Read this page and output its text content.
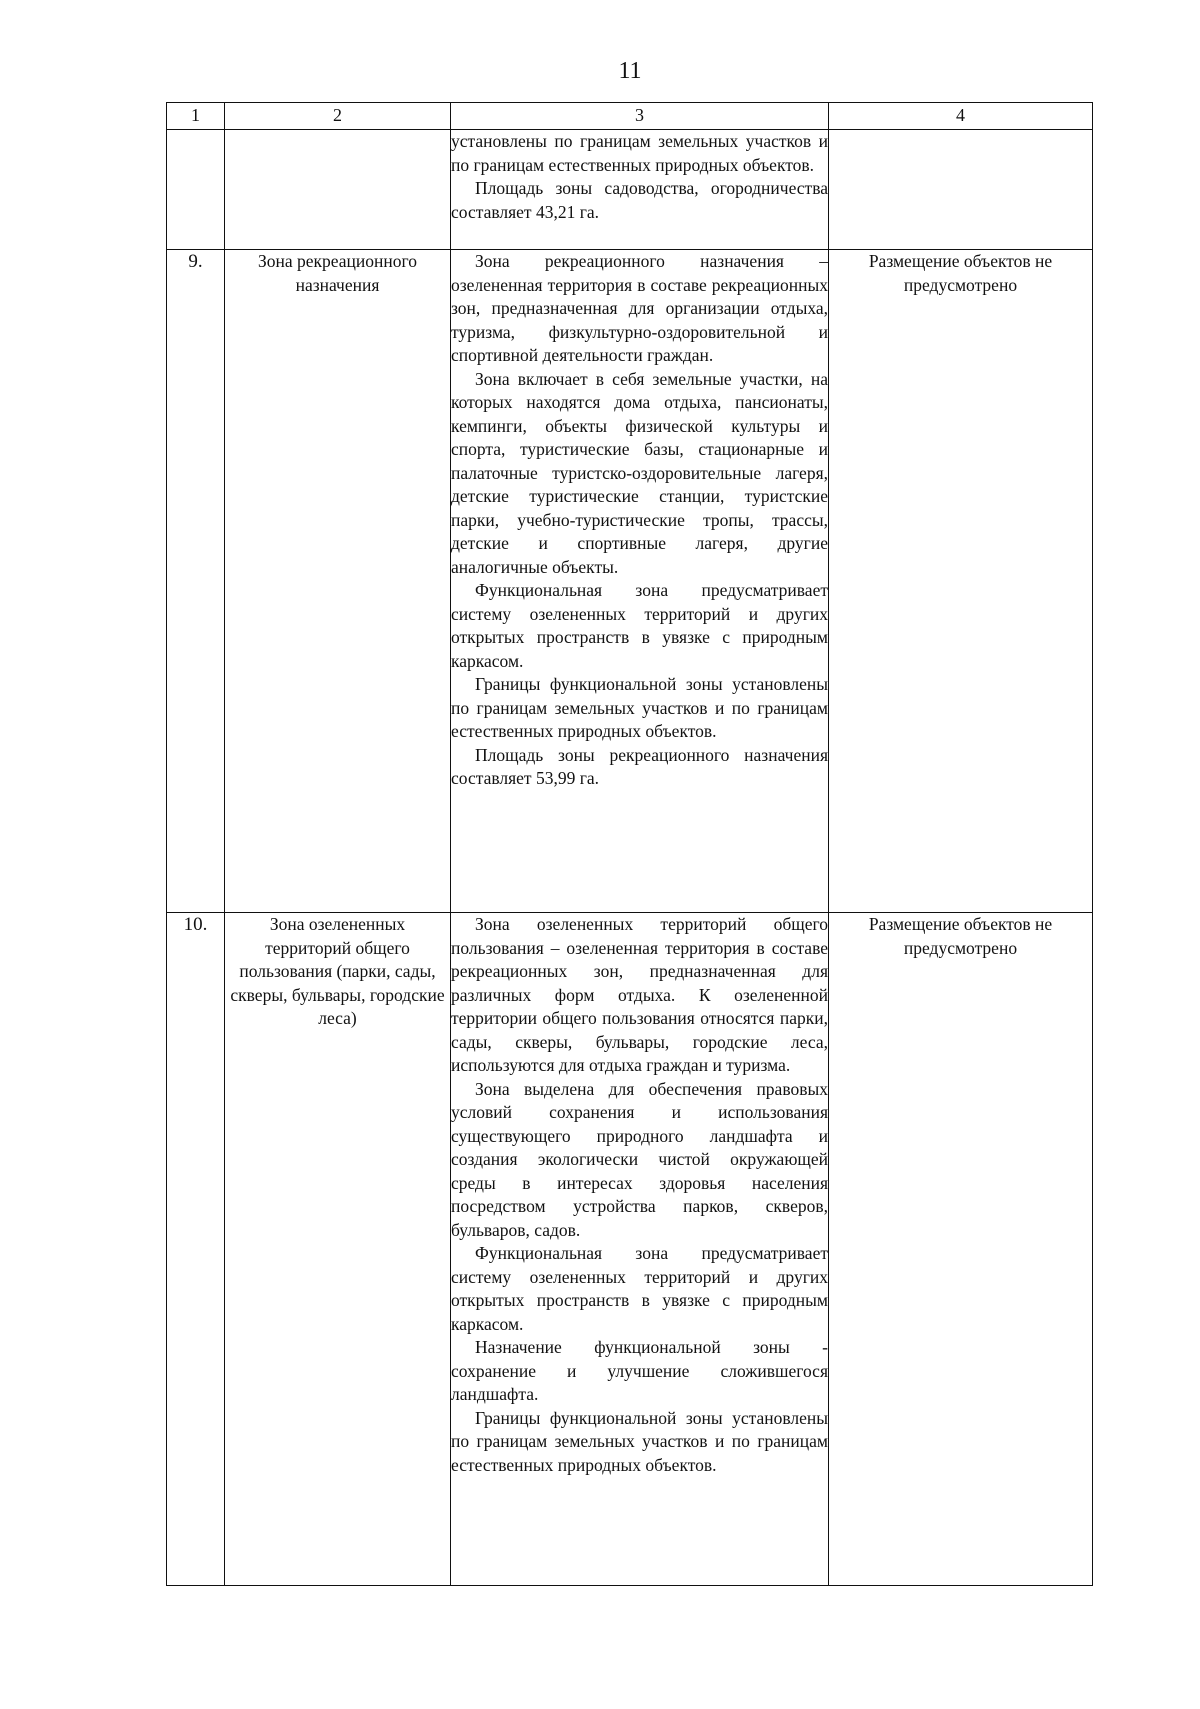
11
1	2	3	4

		установлены по границам земельных участков и по границам естественных природных объектов.

Площадь зоны садоводства, огородничества составляет 43,21 га.	

9.	Зона рекреационного назначения	Зона рекреационного назначения – озелененная территория в составе рекреационных зон, предназначенная для организации отдыха, туризма, физкультурно-оздоровительной и спортивной деятельности граждан.

Зона включает в себя земельные участки, на которых находятся дома отдыха, пансионаты, кемпинги, объекты физической культуры и спорта, туристические базы, стационарные и палаточные туристско-оздоровительные лагеря, детские туристические станции, туристские парки, учебно-туристические тропы, трассы, детские и спортивные лагеря, другие аналогичные объекты.

Функциональная зона предусматривает систему озелененных территорий и других открытых пространств в увязке с природным каркасом.

Границы функциональной зоны установлены по границам земельных участков и по границам естественных природных объектов.

Площадь зоны рекреационного назначения составляет 53,99 га.	Размещение объектов не предусмотрено
10.	Зона озелененных территорий общего пользования (парки, сады, скверы, бульвары, городские леса)	Зона озелененных территорий общего пользования – озелененная территория в составе рекреационных зон, предназначенная для различных форм отдыха. К озелененной территории общего пользования относятся парки, сады, скверы, бульвары, городские леса, используются для отдыха граждан и туризма.

Зона выделена для обеспечения правовых условий сохранения и использования существующего природного ландшафта и создания экологически чистой окружающей среды в интересах здоровья населения посредством устройства парков, скверов, бульваров, садов.

Функциональная зона предусматривает систему озелененных территорий и других открытых пространств в увязке с природным каркасом.

Назначение функциональной зоны - сохранение и улучшение сложившегося ландшафта.

Границы функциональной зоны установлены по границам земельных участков и по границам естественных природных объектов.	Размещение объектов не предусмотрено
